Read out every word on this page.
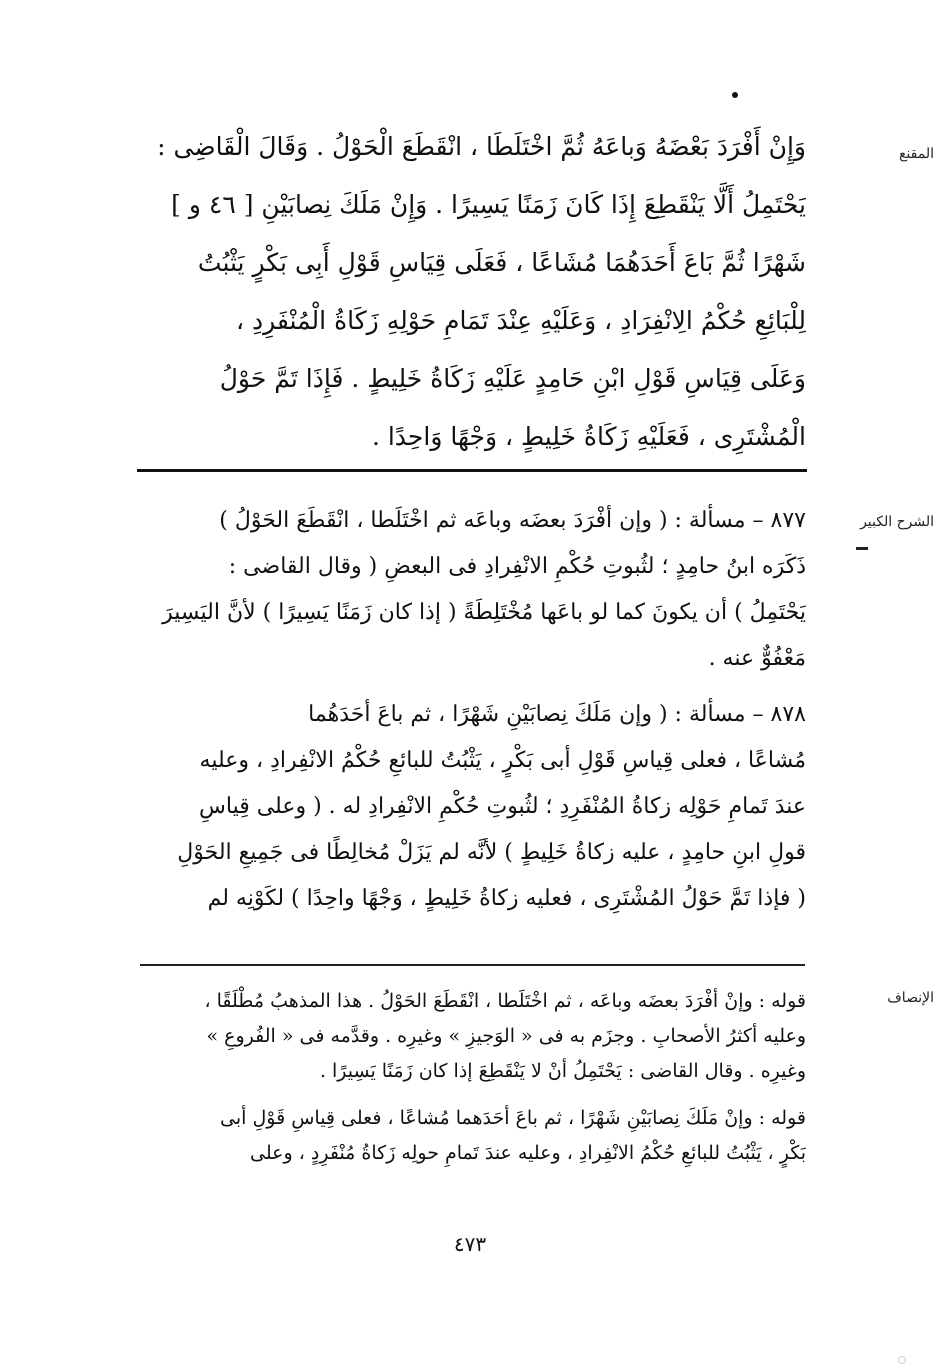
المقنع
وَإِنْ أَفْرَدَ بَعْضَهُ وَباعَهُ ثُمَّ اخْتَلَطَا ، انْقَطَعَ الْحَوْلُ . وَقَالَ الْقَاضِى :
يَحْتَمِلُ أَلَّا يَنْقَطِعَ إِذَا كَانَ زَمَنًا يَسِيرًا . وَإِنْ مَلَكَ نِصابَيْنِ [ ٤٦ و ]
شَهْرًا ثُمَّ بَاعَ أَحَدَهُمَا مُشَاعًا ، فَعَلَى قِيَاسِ قَوْلِ أَبِى بَكْرٍ يَثْبُتُ
لِلْبَائِعِ حُكْمُ الِانْفِرَادِ ، وَعَلَيْهِ عِنْدَ تَمَامِ حَوْلِهِ زَكَاةُ الْمُنْفَرِدِ ،
وَعَلَى قِيَاسِ قَوْلِ ابْنِ حَامِدٍ عَلَيْهِ زَكَاةُ خَلِيطٍ . فَإِذَا تَمَّ حَوْلُ
الْمُشْتَرِى ، فَعَلَيْهِ زَكَاةُ خَلِيطٍ ، وَجْهًا وَاحِدًا .
الشرح الكبير
٨٧٧ – مسألة : ( وإن أفْرَدَ بعضَه وباعَه ثم اخْتَلَطا ، انْقَطَعَ الحَوْلُ )
ذَكَرَه ابنُ حامِدٍ ؛ لثُبوتِ حُكْمِ الانْفِرادِ فى البعضِ ( وقال القاضى :
يَحْتَمِلُ ) أن يكونَ كما لو باعَها مُخْتَلِطَةً ( إذا كان زَمَنًا يَسِيرًا ) لأنَّ اليَسِيرَ
مَعْفُوٌّ عنه .
٨٧٨ – مسألة : ( وإن مَلَكَ نِصابَيْنِ شَهْرًا ، ثم باعَ أحَدَهُما
مُشاعًا ، فعلى قِياسِ قَوْلِ أبى بَكْرٍ ، يَثْبُتُ للبائعِ حُكْمُ الانْفِرادِ ، وعليه
عندَ تَمامِ حَوْلِه زكاةُ المُنْفَرِدِ ؛ لثُبوتِ حُكْمِ الانْفِرادِ له . ( وعلى قِياسِ
قولِ ابنِ حامِدٍ ، عليه زكاةُ خَلِيطٍ ) لأنَّه لم يَزَلْ مُخالِطًا فى جَمِيعِ الحَوْلِ
( فإذا تَمَّ حَوْلُ المُشْتَرِى ، فعليه زكاةُ خَلِيطٍ ، وَجْهًا واحِدًا ) لكَوْنِه لم
الإنصاف
قوله : وإنْ أفْرَدَ بعضَه وباعَه ، ثم اخْتَلَطا ، انْقَطَعَ الحَوْلُ . هذا المذهبُ مُطْلَقًا ،
وعليه أكثرُ الأصحابِ . وجزَم به فى « الوَجيزِ » وغيرِه . وقدَّمه فى « الفُروعِ »
وغيرِه . وقال القاضى : يَحْتَمِلُ أنْ لا يَنْقَطِعَ إذا كان زَمَنًا يَسِيرًا .
قوله : وإنْ مَلَكَ نِصابَيْنِ شَهْرًا ، ثم باعَ أحَدَهما مُشاعًا ، فعلى قِياسِ قَوْلِ أبى
بَكْرٍ ، يَثْبُتُ للبائعِ حُكْمُ الانْفِرادِ ، وعليه عندَ تَمامِ حولِه زَكاةُ مُنْفَرِدٍ ، وعلى
٤٧٣
